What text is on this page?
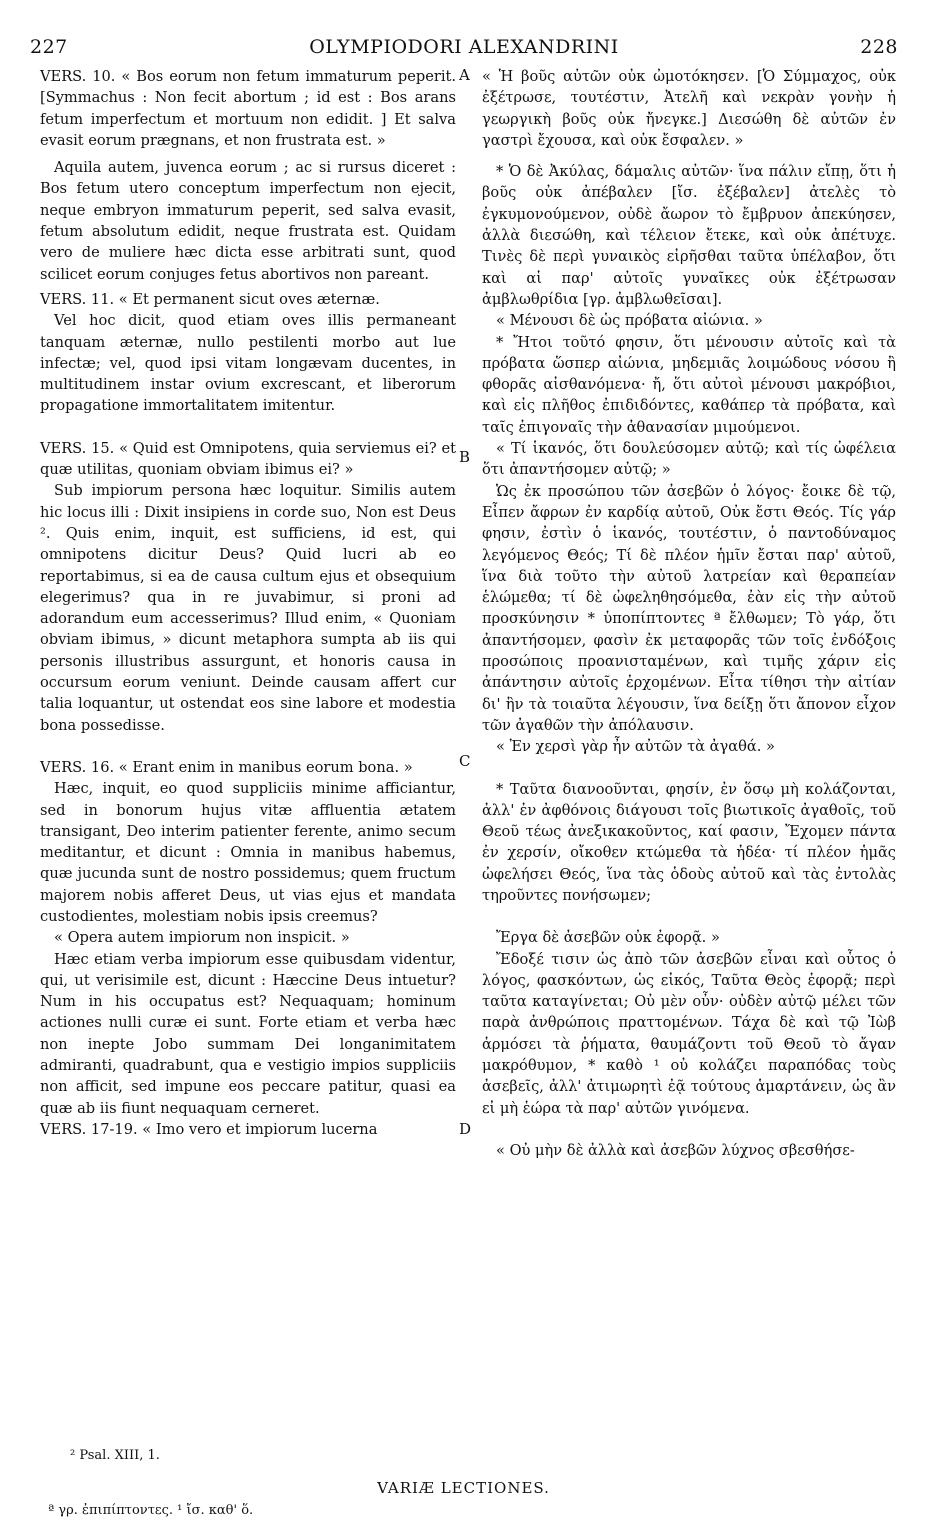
227	OLYMPIODORI ALEXANDRINI	228

VERS. 10. « Bos eorum non fetum immaturum peperit. [Symmachus : Non fecit abortum ; id est : Bos arans fetum imperfectum et mortuum non edidit. ] Et salva evasit eorum prægnans, et non frustrata est. »

Aquila autem, juvenca eorum ; ac si rursus diceret : Bos fetum utero conceptum imperfectum non ejecit, neque embryon immaturum peperit, sed salva evasit, fetum absolutum edidit, neque frustrata est. Quidam vero de muliere hæc dicta esse arbitrati sunt, quod scilicet eorum conjuges fetus abortivos non pareant.

VERS. 11. « Et permanent sicut oves æternæ.

Vel hoc dicit, quod etiam oves illis permaneant tanquam æternæ, nullo pestilenti morbo aut lue infectæ; vel, quod ipsi vitam longævam ducentes, in multitudinem instar ovium excrescant, et liberorum propagatione immortalitatem imitentur.

VERS. 15. « Quid est Omnipotens, quia serviemus ei? et quæ utilitas, quoniam obviam ibimus ei? »

Sub impiorum persona hæc loquitur. Similis autem hic locus illi : Dixit insipiens in corde suo, Non est Deus ². Quis enim, inquit, est sufficiens, id est, qui omnipotens dicitur Deus? Quid lucri ab eo reportabimus, si ea de causa cultum ejus et obsequium elegerimus? qua in re juvabimur, si proni ad adorandum eum accesserimus? Illud enim, « Quoniam obviam ibimus, » dicunt metaphora sumpta ab iis qui personis illustribus assurgunt, et honoris causa in occursum eorum veniunt. Deinde causam affert cur talia loquantur, ut ostendat eos sine labore et modestia bona possedisse.

VERS. 16. « Erant enim in manibus eorum bona. »

Hæc, inquit, eo quod suppliciis minime afficiantur, sed in bonorum hujus vitæ affluentia ætatem transigant, Deo interim patienter ferente, animo secum meditantur, et dicunt : Omnia in manibus habemus, quæ jucunda sunt de nostro possidemus; quem fructum majorem nobis afferet Deus, ut vias ejus et mandata custodientes, molestiam nobis ipsis creemus?

« Opera autem impiorum non inspicit. »

Hæc etiam verba impiorum esse quibusdam videntur, qui, ut verisimile est, dicunt : Hæccine Deus intuetur? Num in his occupatus est? Nequaquam; hominum actiones nulli curæ ei sunt. Forte etiam et verba hæc non inepte Jobo summam Dei longanimitatem admiranti, quadrabunt, qua e vestigio impios suppliciis non afficit, sed impune eos peccare patitur, quasi ea quæ ab iis fiunt nequaquam cerneret.

VERS. 17-19. « Imo vero et impiorum lucerna

« Ἡ βοῦς αὐτῶν οὐκ ὠμοτόκησεν. [Ὁ Σύμμαχος, οὐκ ἐξέτρωσε, τουτέστιν, Ἀτελῆ καὶ νεκρὰν γονὴν ἡ γεωργικὴ βοῦς οὐκ ἤνεγκε.] Διεσώθη δὲ αὐτῶν ἐν γαστρὶ ἔχουσα, καὶ οὐκ ἔσφαλεν. »

* Ὁ δὲ Ἀκύλας, δάμαλις αὐτῶν· ἵνα πάλιν εἴπῃ, ὅτι ἡ βοῦς οὐκ ἀπέβαλεν [ἴσ. ἐξέβαλεν] ἀτελὲς τὸ ἐγκυμονούμενον, οὐδὲ ἄωρον τὸ ἔμβρυον ἀπεκύησεν, ἀλλὰ διεσώθη, καὶ τέλειον ἔτεκε, καὶ οὐκ ἀπέτυχε. Τινὲς δὲ περὶ γυναικὸς εἰρῆσθαι ταῦτα ὑπέλαβον, ὅτι καὶ αἱ παρ' αὐτοῖς γυναῖκες οὐκ ἐξέτρωσαν ἀμβλωθρίδια [γρ. ἀμβλωθεῖσαι].

« Μένουσι δὲ ὡς πρόβατα αἰώνια. »

* Ἤτοι τοῦτό φησιν, ὅτι μένουσιν αὐτοῖς καὶ τὰ πρόβατα ὥσπερ αἰώνια, μηδεμιᾶς λοιμώδους νόσου ἢ φθορᾶς αἰσθανόμενα· ἤ, ὅτι αὐτοὶ μένουσι μακρόβιοι, καὶ εἰς πλῆθος ἐπιδιδόντες, καθάπερ τὰ πρόβατα, καὶ ταῖς ἐπιγοναῖς τὴν ἀθανασίαν μιμούμενοι.

« Τί ἱκανός, ὅτι δουλεύσομεν αὐτῷ; καὶ τίς ὠφέλεια ὅτι ἀπαντήσομεν αὐτῷ; »

Ὡς ἐκ προσώπου τῶν ἀσεβῶν ὁ λόγος· ἔοικε δὲ τῷ, Εἶπεν ἄφρων ἐν καρδίᾳ αὐτοῦ, Οὐκ ἔστι Θεός. Τίς γάρ φησιν, ἐστὶν ὁ ἱκανός, τουτέστιν, ὁ παντοδύναμος λεγόμενος Θεός; Τί δὲ πλέον ἡμῖν ἔσται παρ' αὐτοῦ, ἵνα διὰ τοῦτο τὴν αὐτοῦ λατρείαν καὶ θεραπείαν ἑλώμεθα; τί δὲ ὠφεληθησόμεθα, ἐὰν εἰς τὴν αὐτοῦ προσκύνησιν * ὑποπίπτοντες ª ἔλθωμεν; Τὸ γάρ, ὅτι ἀπαντήσομεν, φασὶν ἐκ μεταφορᾶς τῶν τοῖς ἐνδόξοις προσώποις προανισταμένων, καὶ τιμῆς χάριν εἰς ἀπάντησιν αὐτοῖς ἐρχομένων. Εἶτα τίθησι τὴν αἰτίαν δι' ἣν τὰ τοιαῦτα λέγουσιν, ἵνα δείξῃ ὅτι ἄπονον εἶχον τῶν ἀγαθῶν τὴν ἀπόλαυσιν.

« Ἐν χερσὶ γὰρ ἦν αὐτῶν τὰ ἀγαθά. »

* Ταῦτα διανοοῦνται, φησίν, ἐν ὅσῳ μὴ κολάζονται, ἀλλ' ἐν ἀφθόνοις διάγουσι τοῖς βιωτικοῖς ἀγαθοῖς, τοῦ Θεοῦ τέως ἀνεξικακοῦντος, καί φασιν, Ἔχομεν πάντα ἐν χερσίν, οἴκοθεν κτώμεθα τὰ ἡδέα· τί πλέον ἡμᾶς ὠφελήσει Θεός, ἵνα τὰς ὁδοὺς αὐτοῦ καὶ τὰς ἐντολὰς τηροῦντες πονήσωμεν;

Ἔργα δὲ ἀσεβῶν οὐκ ἐφορᾷ. »

Ἔδοξέ τισιν ὡς ἀπὸ τῶν ἀσεβῶν εἶναι καὶ οὗτος ὁ λόγος, φασκόντων, ὡς εἰκός, Ταῦτα Θεὸς ἐφορᾷ; περὶ ταῦτα καταγίνεται; Οὐ μὲν οὖν· οὐδὲν αὐτῷ μέλει τῶν παρὰ ἀνθρώποις πραττομένων. Τάχα δὲ καὶ τῷ Ἰὼβ ἁρμόσει τὰ ῥήματα, θαυμάζοντι τοῦ Θεοῦ τὸ ἄγαν μακρόθυμον, * καθὸ ¹ οὐ κολάζει παραπόδας τοὺς ἀσεβεῖς, ἀλλ' ἀτιμωρητὶ ἐᾷ τούτους ἁμαρτάνειν, ὡς ἂν εἰ μὴ ἑώρα τὰ παρ' αὐτῶν γινόμενα.

« Οὐ μὴν δὲ ἀλλὰ καὶ ἀσεβῶν λύχνος σβεσθήσε-

A
B
C
D
² Psal. XIII, 1.
VARIÆ LECTIONES.
ª γρ. ἐπιπίπτοντες. ¹ ἴσ. καθ' ὅ.
